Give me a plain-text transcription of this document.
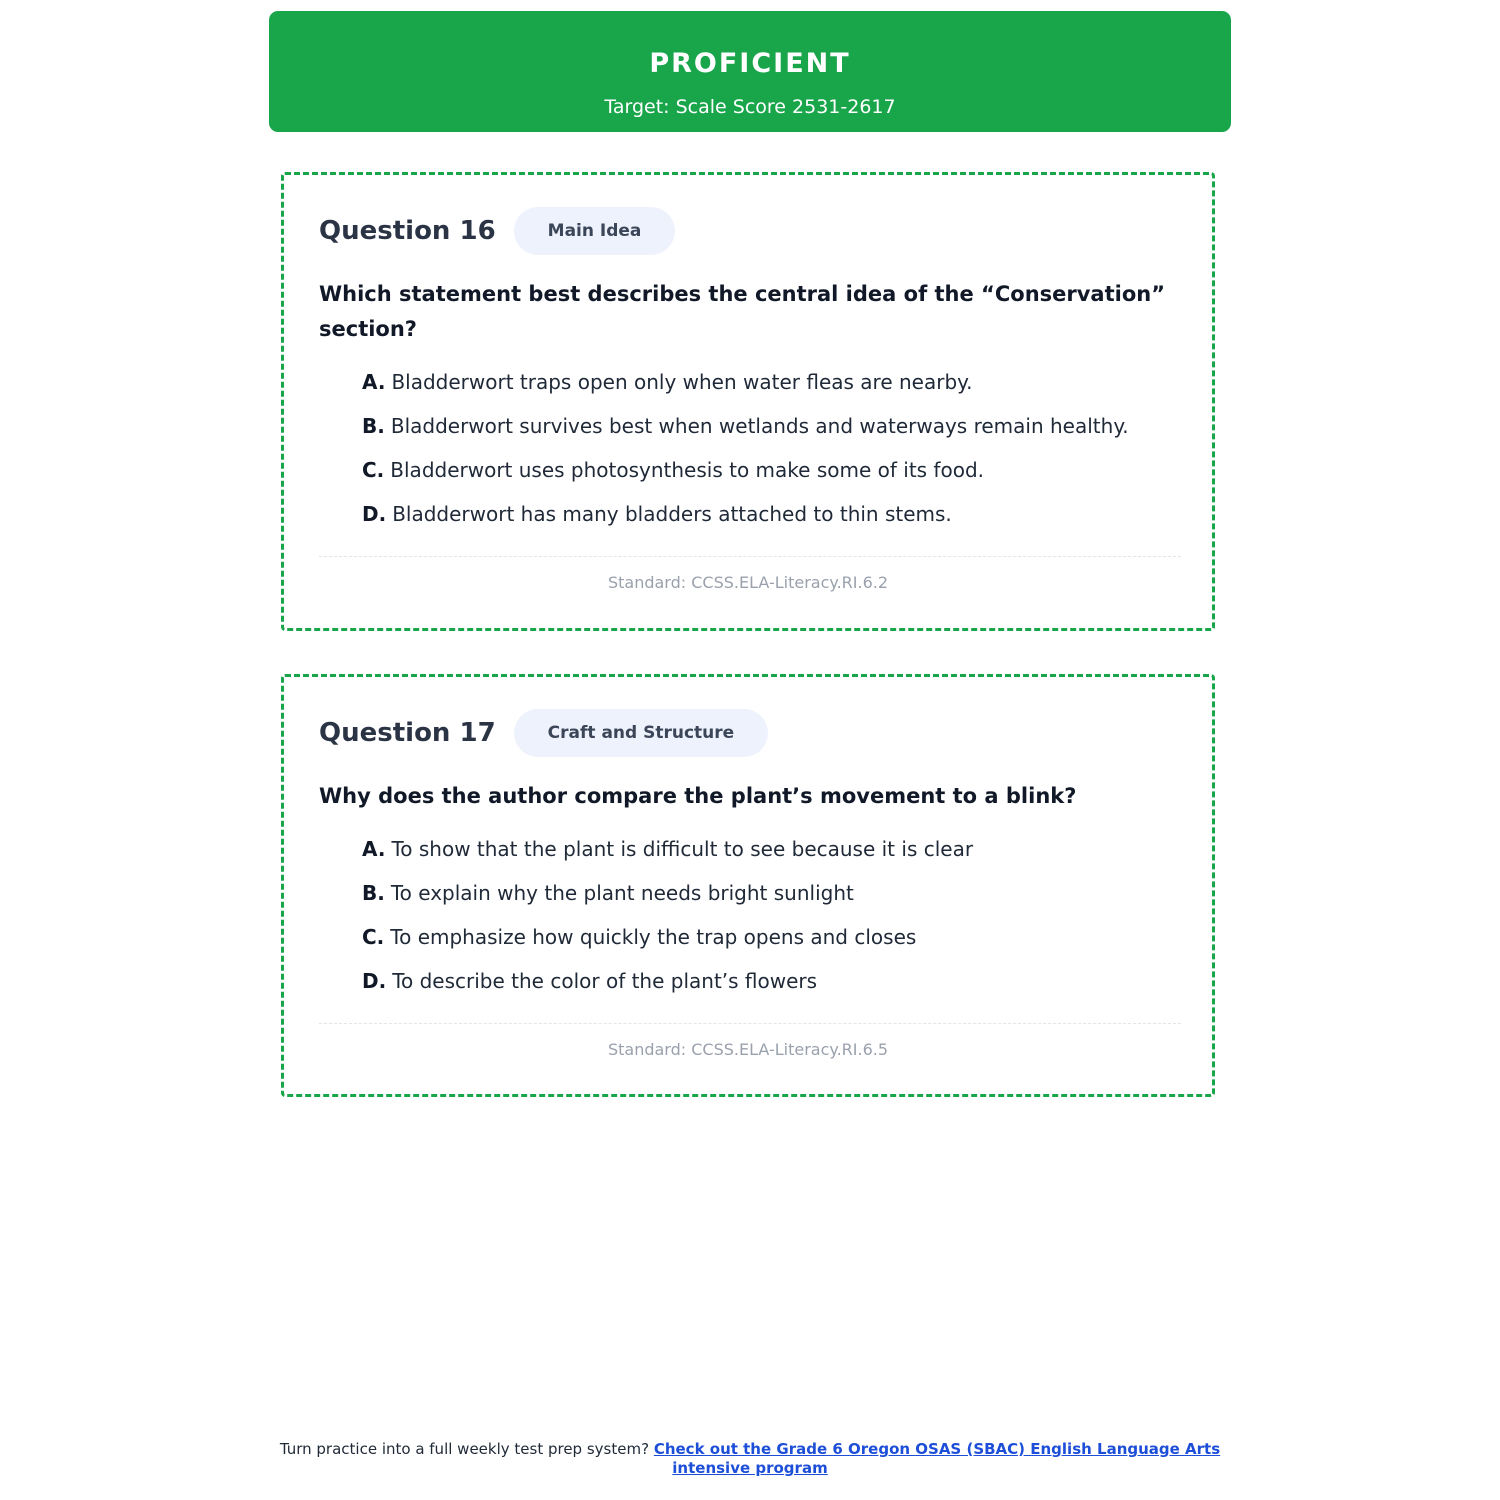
PROFICIENT
Target: Scale Score 2531-2617
Question 16	Main Idea
Which statement best describes the central idea of the “Conservation” section?
A. Bladderwort traps open only when water fleas are nearby.
B. Bladderwort survives best when wetlands and waterways remain healthy.
C. Bladderwort uses photosynthesis to make some of its food.
D. Bladderwort has many bladders attached to thin stems.
Standard: CCSS.ELA-Literacy.RI.6.2
Question 17	Craft and Structure
Why does the author compare the plant’s movement to a blink?
A. To show that the plant is difficult to see because it is clear
B. To explain why the plant needs bright sunlight
C. To emphasize how quickly the trap opens and closes
D. To describe the color of the plant’s flowers
Standard: CCSS.ELA-Literacy.RI.6.5
Turn practice into a full weekly test prep system? Check out the Grade 6 Oregon OSAS (SBAC) English Language Arts intensive program
